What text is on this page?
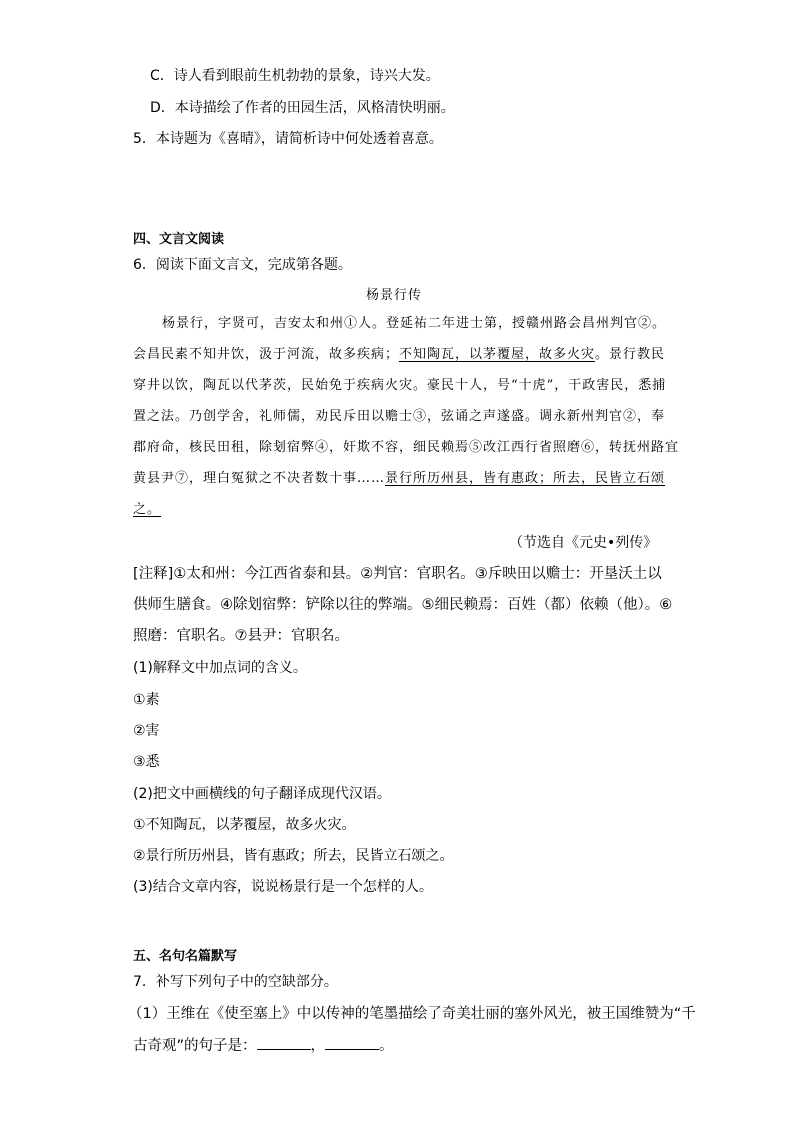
C．诗人看到眼前生机勃勃的景象，诗兴大发。
D．本诗描绘了作者的田园生活，风格清快明丽。
5．本诗题为《喜晴》，请简析诗中何处透着喜意。
四、文言文阅读
6．阅读下面文言文，完成第各题。
杨景行传
杨景行，字贤可，吉安太和州①人。登延祐二年进士第，授赣州路会昌州判官②。
会昌民素不知井饮，汲于河流，故多疾病；不知陶瓦，以茅覆屋，故多火灾。景行教民
穿井以饮，陶瓦以代茅茨，民始免于疾病火灾。豪民十人，号“十虎”，干政害民，悉捕
置之法。乃创学舍，礼师儒，劝民斥田以赡士③，弦诵之声遂盛。调永新州判官②，奉
郡府命，核民田租，除刬宿弊④，奸欺不容，细民赖焉⑤改江西行省照磨⑥，转抚州路宜
黄县尹⑦，理白冤狱之不决者数十事……景行所历州县，皆有惠政；所去，民皆立石颂
之。
（节选自《元史•列传》
[注释]①太和州：今江西省泰和县。②判官：官职名。③斥映田以赡士：开垦沃土以
供师生膳食。④除划宿弊：铲除以往的弊端。⑤细民赖焉：百姓（都）依赖（他）。⑥
照磨：官职名。⑦县尹：官职名。
(1)解释文中加点词的含义。
①素
②害
③悉
(2)把文中画横线的句子翻译成现代汉语。
①不知陶瓦，以茅覆屋，故多火灾。
②景行所历州县，皆有惠政；所去，民皆立石颂之。
(3)结合文章内容，说说杨景行是一个怎样的人。
五、名句名篇默写
7．补写下列句子中的空缺部分。
（1）王维在《使至塞上》中以传神的笔墨描绘了奇美壮丽的塞外风光，被王国维赞为“千
古奇观”的句子是：	，	。
